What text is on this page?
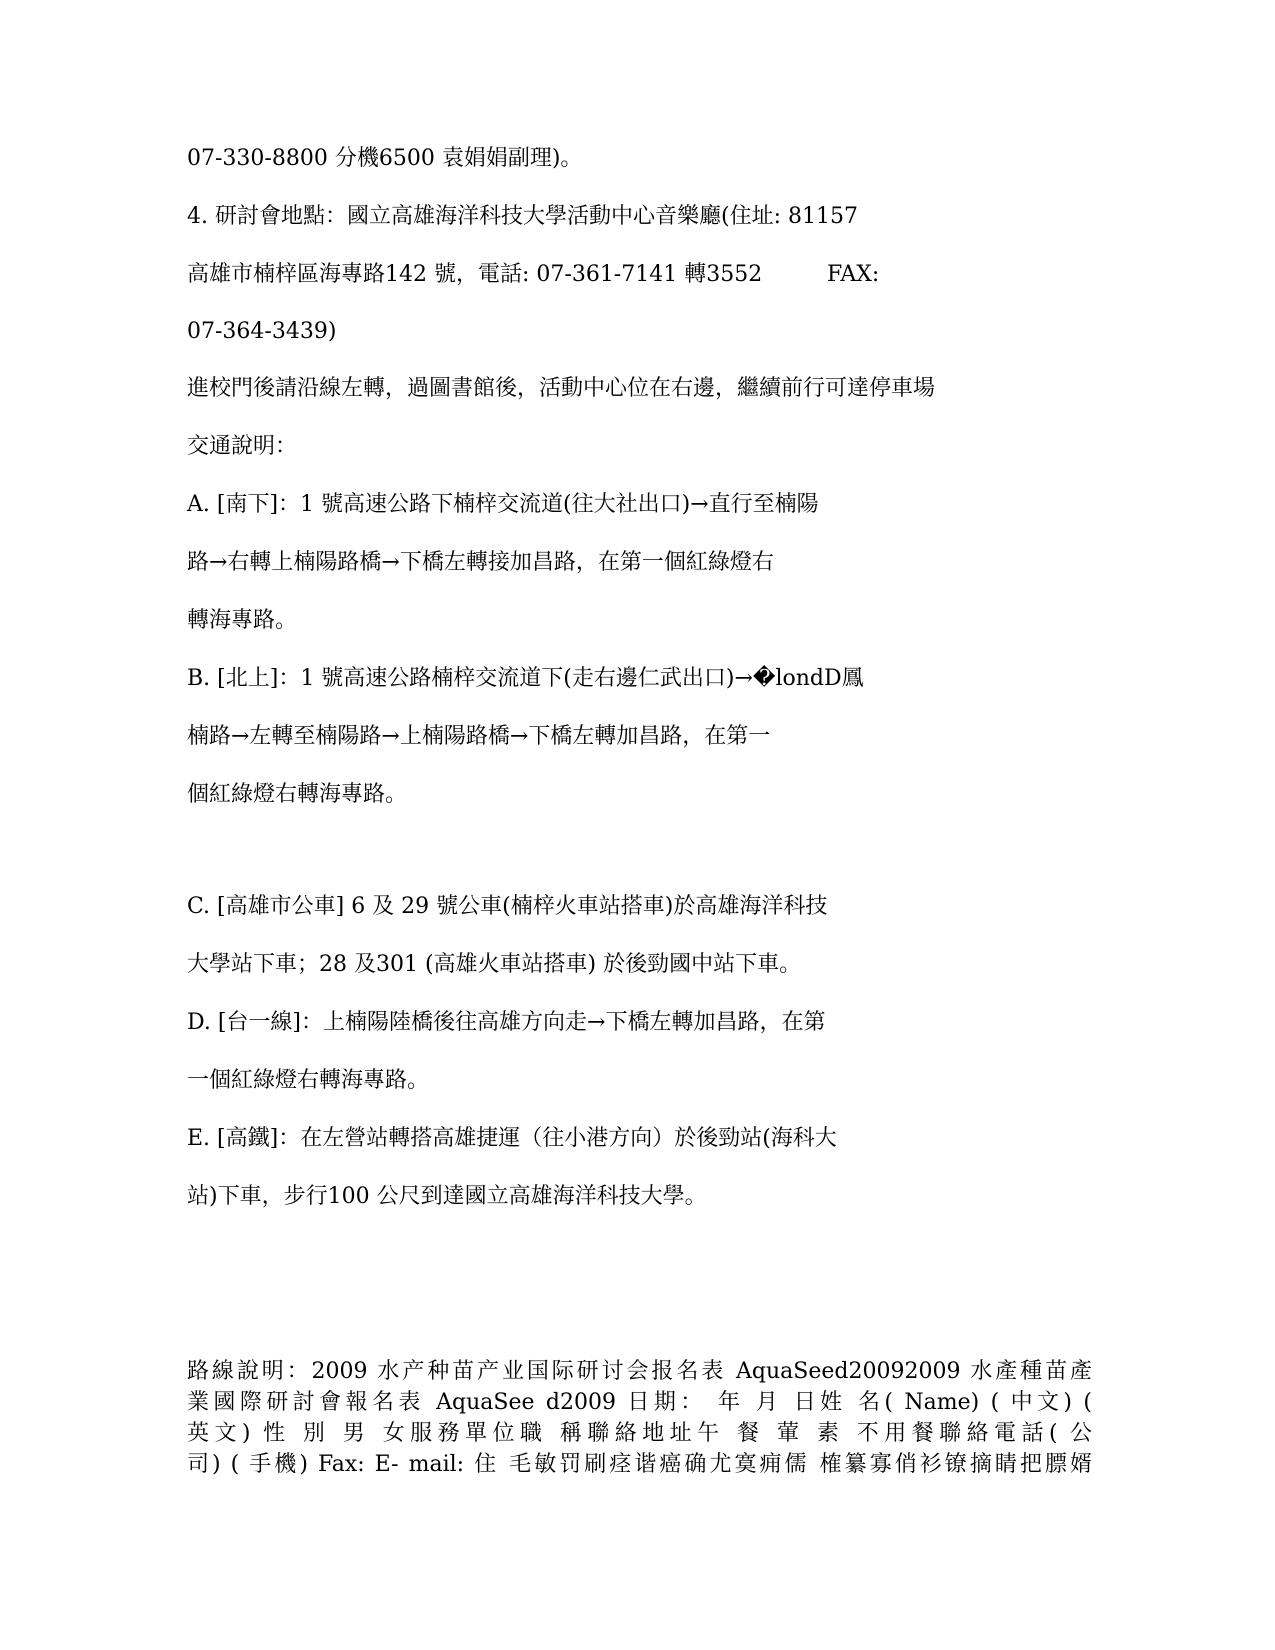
07-330-8800 分機6500 袁娟娟副理)。
4. 研討會地點：國立高雄海洋科技大學活動中心音樂廳(住址: 81157
高雄市楠梓區海專路142 號，電話: 07-361-7141 轉3552	FAX:
07-364-3439)
進校門後請沿線左轉，過圖書館後，活動中心位在右邊，繼續前行可達停車場
交通說明：
A. [南下]：1 號高速公路下楠梓交流道(往大社出口)→直行至楠陽
路→右轉上楠陽路橋→下橋左轉接加昌路，在第一個紅綠燈右
轉海專路。
B. [北上]：1 號高速公路楠梓交流道下(走右邊仁武出口)→�londD鳳
楠路→左轉至楠陽路→上楠陽路橋→下橋左轉加昌路，在第一
個紅綠燈右轉海專路。
C. [高雄市公車] 6 及 29 號公車(楠梓火車站搭車)於高雄海洋科技
大學站下車；28 及301 (高雄火車站搭車) 於後勁國中站下車。
D. [台一線]：上楠陽陸橋後往高雄方向走→下橋左轉加昌路，在第
一個紅綠燈右轉海專路。
E. [高鐵]：在左營站轉搭高雄捷運（往小港方向）於後勁站(海科大
站)下車，步行100 公尺到達國立高雄海洋科技大學。
路線說明：2009 水产种苗产业国际研讨会报名表 AquaSeed20092009 水產種苗產
業國際研討會報名表 AquaSee d2009 日期： 年 月 日姓 名( Name) ( 中文) (
英文) 性 別 男 女服務單位職 稱聯絡地址午 餐 葷 素 不用餐聯絡電話( 公
司) ( 手機) Fax: E- mail: 住 毛敏罚刷痉谐癌确尤寞痈儒 榷纂寡俏衫镣摘睛把膘婿
